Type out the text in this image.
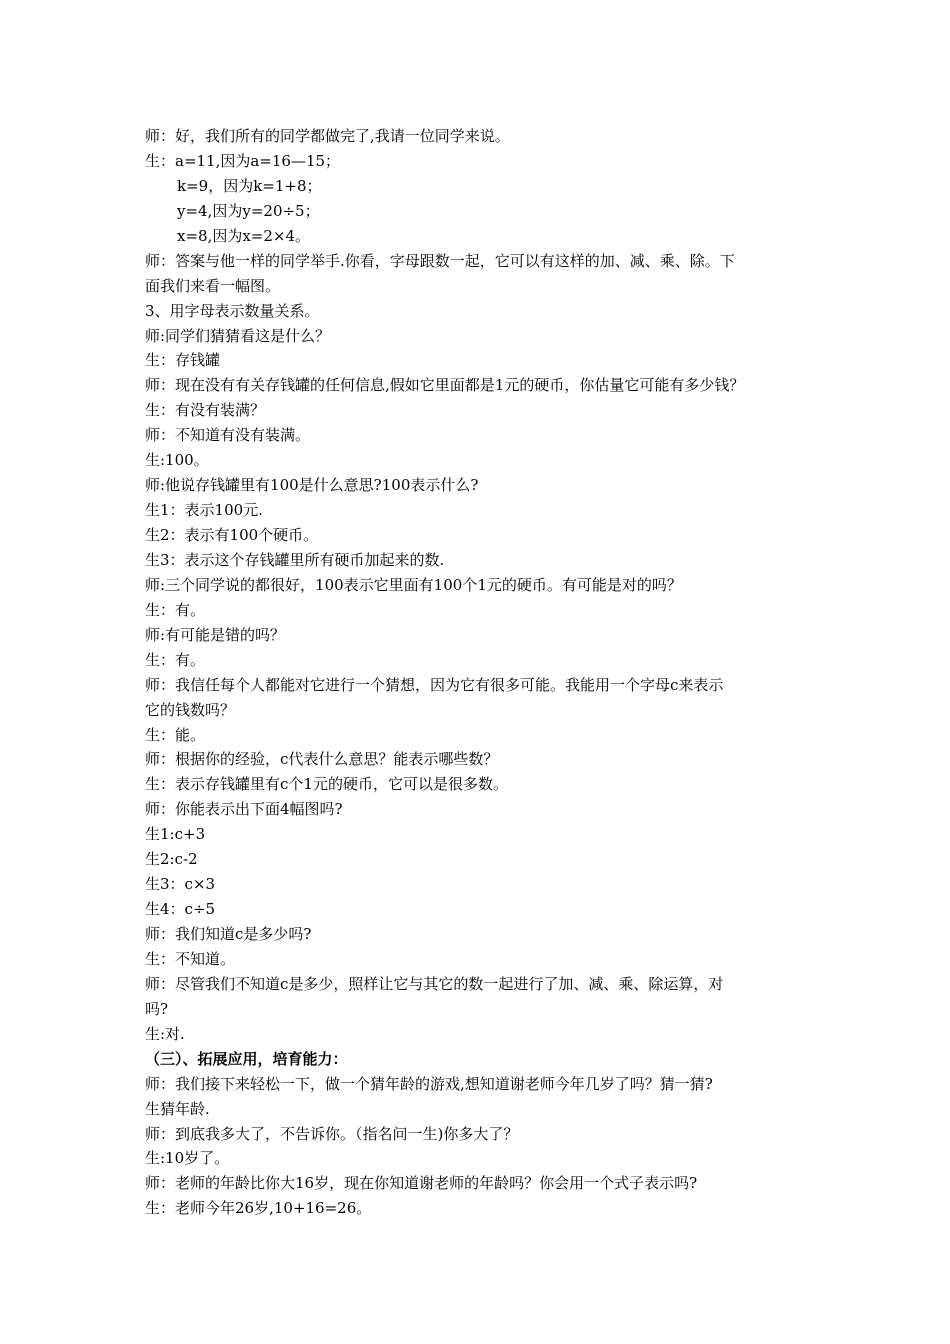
师：好，我们所有的同学都做完了,我请一位同学来说。
生：a=11,因为a=16—15；
k=9，因为k=1+8；
y=4,因为y=20÷5；
x=8,因为x=2×4。
师：答案与他一样的同学举手.你看，字母跟数一起，它可以有这样的加、减、乘、除。下
面我们来看一幅图。
3、用字母表示数量关系。
师:同学们猜猜看这是什么？
生：存钱罐
师：现在没有有关存钱罐的任何信息,假如它里面都是1元的硬币，你估量它可能有多少钱？
生：有没有装满？
师：不知道有没有装满。
生:100。
师:他说存钱罐里有100是什么意思?100表示什么?
生1：表示100元.
生2：表示有100个硬币。
生3：表示这个存钱罐里所有硬币加起来的数.
师:三个同学说的都很好，100表示它里面有100个1元的硬币。有可能是对的吗？
生：有。
师:有可能是错的吗？
生：有。
师：我信任每个人都能对它进行一个猜想，因为它有很多可能。我能用一个字母c来表示
它的钱数吗？
生：能。
师：根据你的经验，c代表什么意思？能表示哪些数？
生：表示存钱罐里有c个1元的硬币，它可以是很多数。
师：你能表示出下面4幅图吗?
生1:c+3
生2:c-2
生3：c×3
生4：c÷5
师：我们知道c是多少吗?
生：不知道。
师：尽管我们不知道c是多少，照样让它与其它的数一起进行了加、减、乘、除运算，对
吗?
生:对.
（三）、拓展应用，培育能力：
师：我们接下来轻松一下，做一个猜年龄的游戏,想知道谢老师今年几岁了吗？猜一猜?
生猜年龄.
师：到底我多大了，不告诉你。（指名问一生)你多大了？
生:10岁了。
师：老师的年龄比你大16岁，现在你知道谢老师的年龄吗？你会用一个式子表示吗?
生：老师今年26岁,10+16=26。
